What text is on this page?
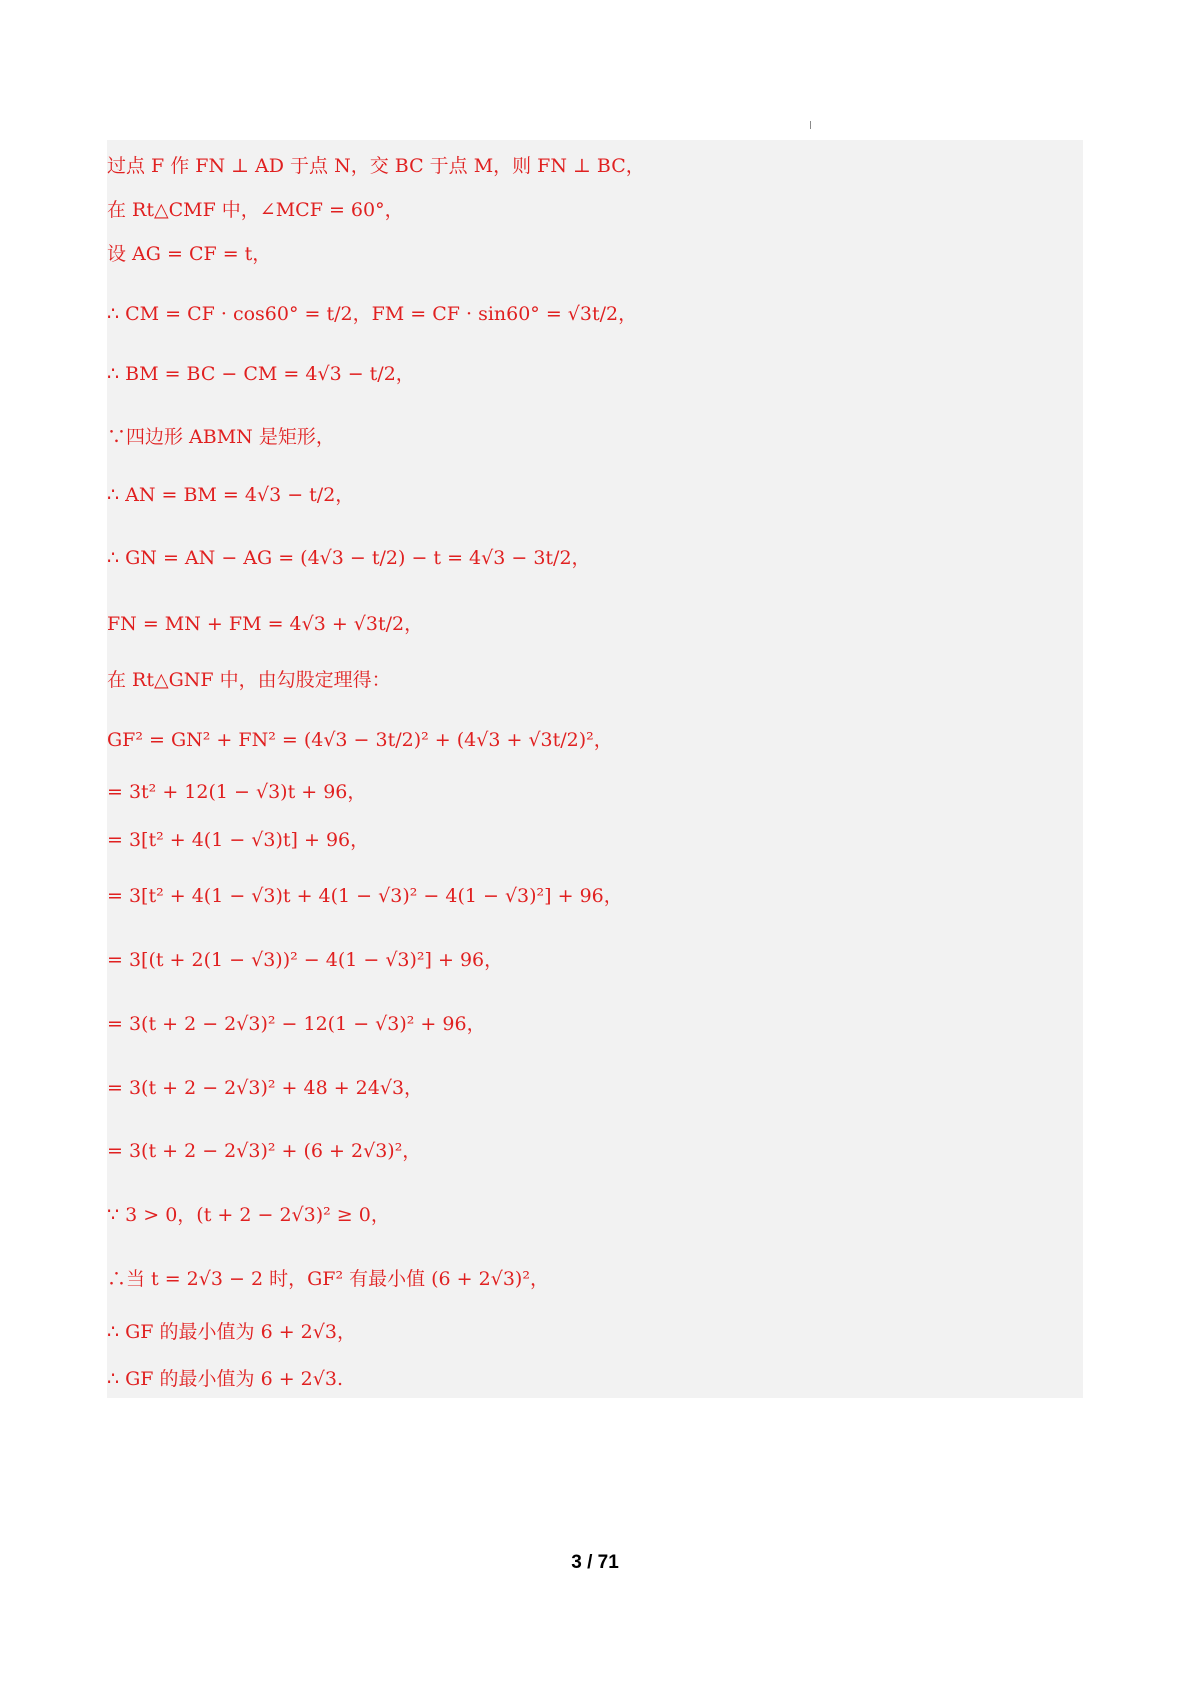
过点 F 作 FN ⊥ AD 于点 N，交 BC 于点 M，则 FN ⊥ BC，
在 Rt△CMF 中，∠MCF = 60°，
设 AG = CF = t，
∴ CM = CF · cos60° = t/2，FM = CF · sin60° = √3t/2，
∴ BM = BC − CM = 4√3 − t/2，
∵四边形 ABMN 是矩形，
∴ AN = BM = 4√3 − t/2，
∴ GN = AN − AG = (4√3 − t/2) − t = 4√3 − 3t/2，
FN = MN + FM = 4√3 + √3t/2，
在 Rt△GNF 中，由勾股定理得：
GF² = GN² + FN² = (4√3 − 3t/2)² + (4√3 + √3t/2)²，
= 3t² + 12(1 − √3)t + 96，
= 3[t² + 4(1 − √3)t] + 96，
= 3[t² + 4(1 − √3)t + 4(1 − √3)² − 4(1 − √3)²] + 96，
= 3[(t + 2(1 − √3))² − 4(1 − √3)²] + 96，
= 3(t + 2 − 2√3)² − 12(1 − √3)² + 96，
= 3(t + 2 − 2√3)² + 48 + 24√3，
= 3(t + 2 − 2√3)² + (6 + 2√3)²，
∵ 3 > 0，(t + 2 − 2√3)² ≥ 0，
∴当 t = 2√3 − 2 时，GF² 有最小值 (6 + 2√3)²，
∴ GF 的最小值为 6 + 2√3，
∴ GF 的最小值为 6 + 2√3.
3 / 71
